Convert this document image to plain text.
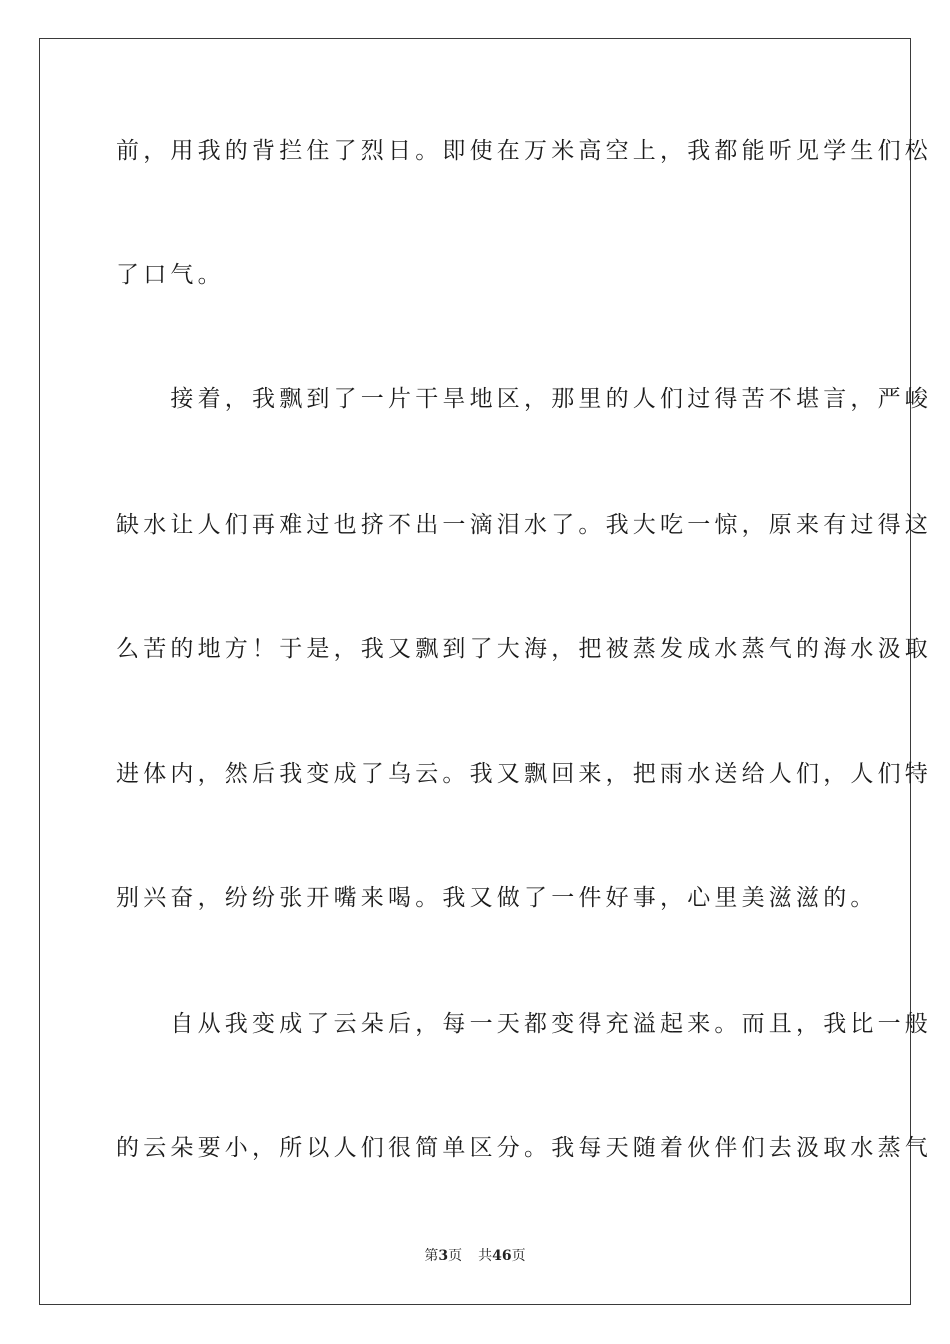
前，用我的背拦住了烈日。即使在万米高空上，我都能听见学生们松
了口气。
　　接着，我飘到了一片干旱地区，那里的人们过得苦不堪言，严峻
缺水让人们再难过也挤不出一滴泪水了。我大吃一惊，原来有过得这
么苦的地方！于是，我又飘到了大海，把被蒸发成水蒸气的海水汲取
进体内，然后我变成了乌云。我又飘回来，把雨水送给人们，人们特
别兴奋，纷纷张开嘴来喝。我又做了一件好事，心里美滋滋的。
　　自从我变成了云朵后，每一天都变得充溢起来。而且，我比一般
的云朵要小，所以人们很简单区分。我每天随着伙伴们去汲取水蒸气
第3页 共46页
